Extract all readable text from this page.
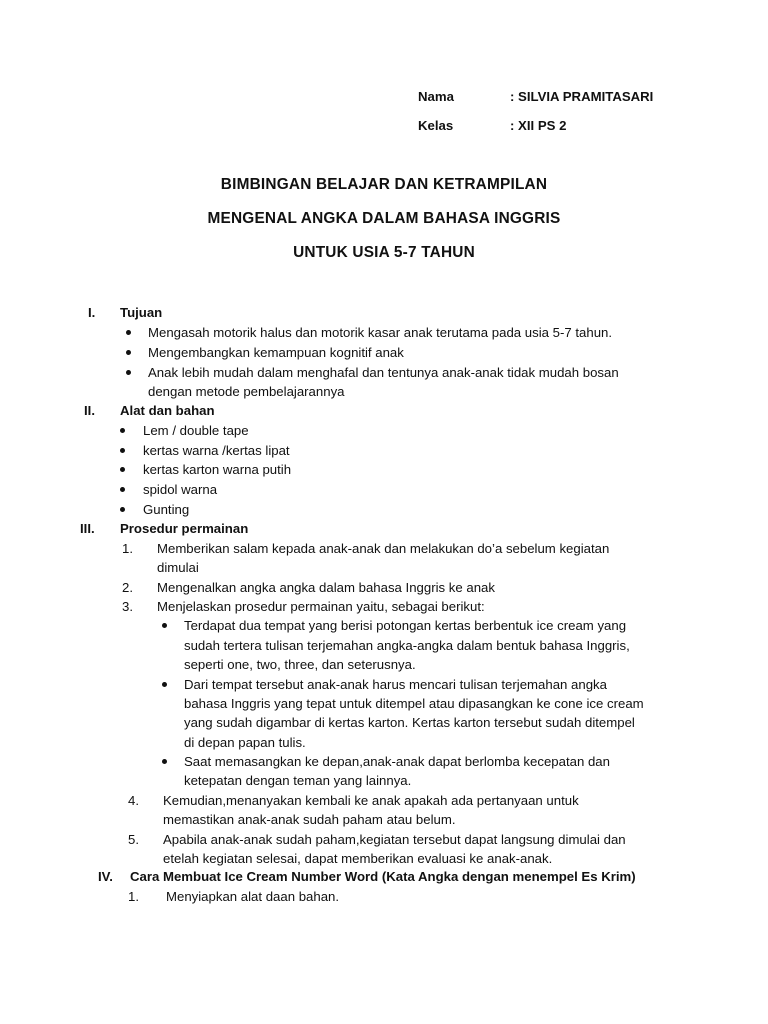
Nama	: SILVIA PRAMITASARI
Kelas	: XII PS 2
BIMBINGAN BELAJAR DAN KETRAMPILAN
MENGENAL ANGKA DALAM BAHASA INGGRIS
UNTUK USIA 5-7 TAHUN
I. Tujuan
Mengasah motorik halus dan motorik kasar anak terutama pada usia 5-7 tahun.
Mengembangkan kemampuan kognitif anak
Anak lebih mudah dalam menghafal dan tentunya anak-anak tidak mudah bosan
dengan metode pembelajarannya
II. Alat dan bahan
Lem / double tape
kertas warna /kertas lipat
kertas karton warna putih
spidol warna
Gunting
III. Prosedur permainan
1. Memberikan salam kepada anak-anak dan melakukan do’a sebelum kegiatan
dimulai
2. Mengenalkan angka angka dalam bahasa Inggris ke anak
3. Menjelaskan prosedur permainan yaitu, sebagai berikut:
Terdapat dua tempat yang berisi potongan kertas berbentuk ice cream yang
sudah tertera tulisan terjemahan angka-angka dalam bentuk bahasa Inggris,
seperti one, two, three, dan seterusnya.
Dari tempat tersebut anak-anak harus mencari tulisan terjemahan angka
bahasa Inggris yang tepat untuk ditempel atau dipasangkan ke cone ice cream
yang sudah digambar di kertas karton. Kertas karton tersebut sudah ditempel
di depan papan tulis.
Saat memasangkan ke depan,anak-anak dapat berlomba kecepatan dan
ketepatan dengan teman yang lainnya.
4. Kemudian,menanyakan kembali ke anak apakah ada pertanyaan untuk
memastikan anak-anak sudah paham atau belum.
5. Apabila anak-anak sudah paham,kegiatan tersebut dapat langsung dimulai dan
etelah kegiatan selesai, dapat memberikan evaluasi ke anak-anak.
IV. Cara Membuat Ice Cream Number Word (Kata Angka dengan menempel Es Krim)
1. Menyiapkan alat daan bahan.
